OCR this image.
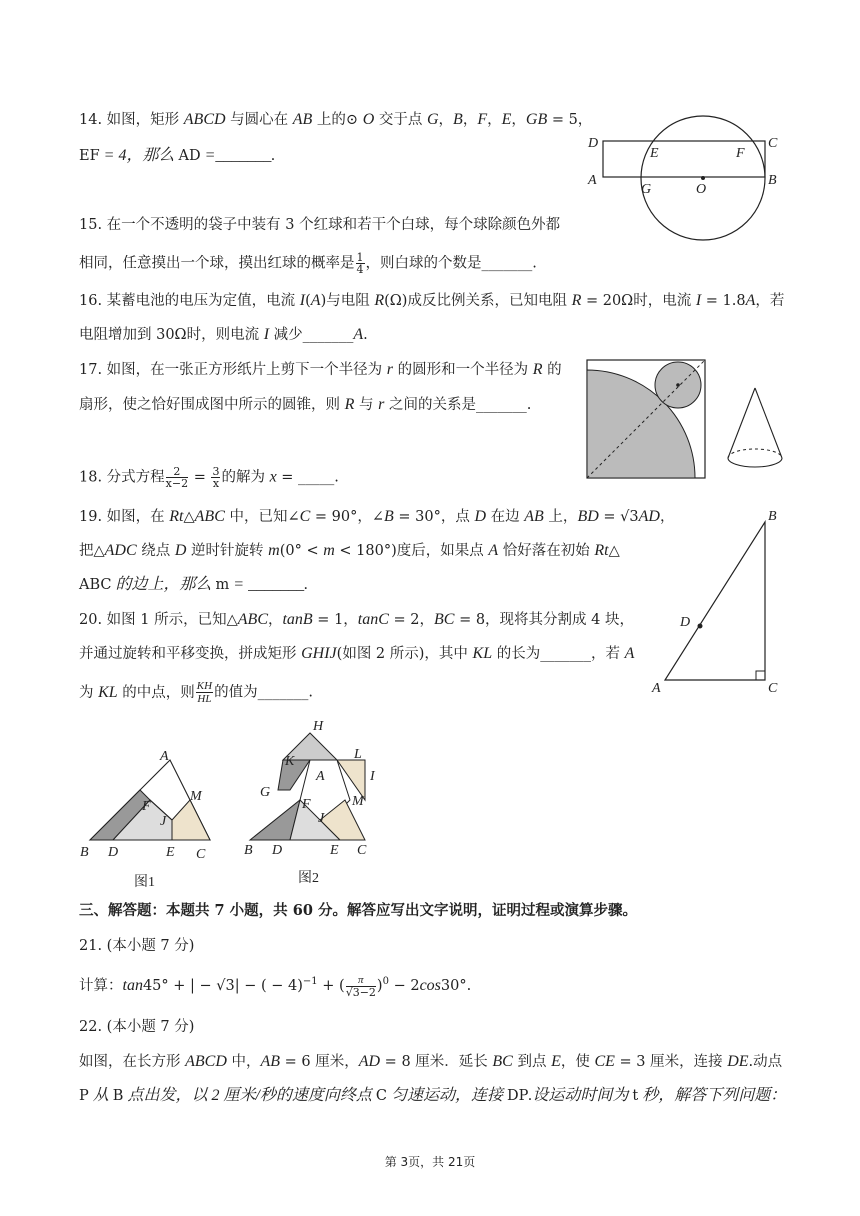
14. 如图，矩形 ABCD 与圆心在 AB 上的⊙ O 交于点 G，B，F，E，GB = 5，
EF = 4，那么 AD =_______.
15. 在一个不透明的袋子中装有 3 个红球和若干个白球，每个球除颜色外都
相同，任意摸出一个球，摸出红球的概率是 $\frac{1}{4}$ ，则白球的个数是_______.
16. 某蓄电池的电压为定值，电流 I(A)与电阻 R(Ω)成反比例关系，已知电阻 R = 20Ω时，电流 I = 1.8A，若
电阻增加到 30Ω时，则电流 I 减少_______A.
17. 如图，在一张正方形纸片上剪下一个半径为 r 的圆形和一个半径为 R 的
扇形，使之恰好围成图中所示的圆锥，则 R 与 r 之间的关系是_______.
18. 分式方程 $\frac{2}{x-2} = \frac{3}{x}$ 的解为 x = _____.
19. 如图，在 Rt△ABC 中，已知∠C = 90°，∠B = 30°，点 D 在边 AB 上，BD = √3AD，
把△ADC 绕点 D 逆时针旋转 m(0° < m < 180°)度后，如果点 A 恰好落在初始 Rt△
ABC 的边上，那么 m = _______.
20. 如图 1 所示，已知△ABC，tanB = 1，tanC = 2，BC = 8，现将其分割成 4 块，
并通过旋转和平移变换，拼成矩形 GHIJ(如图 2 所示)，其中 KL 的长为_______，若 A
为 KL 的中点，则 $\frac{KH}{HL}$ 的值为_______.
三、解答题：本题共 7 小题，共 60 分。解答应写出文字说明，证明过程或演算步骤。
21. (本小题 7 分)
计算：tan45° + | − √3| − ( − 4)$^{-1}$ + ( $\frac{\pi}{√3-2} )^0 - 2\cos 30^\circ$.
22. (本小题 7 分)
如图，在长方形 ABCD 中，AB = 6 厘米，AD = 8 厘米．延长 BC 到点 E，使 CE = 3 厘米，连接 DE.动点
P 从 B 点出发，以 2 厘米/秒的速度向终点 C 匀速运动，连接 DP.设运动时间为 t 秒，解答下列问题：
D
E	F
C
A
G	O
B
B
D
A	C
A
M
F
J
B D	E C
图1
H
K	L
A	I
G
F	M
J
B D	E C
图2
第 3页，共 21页
